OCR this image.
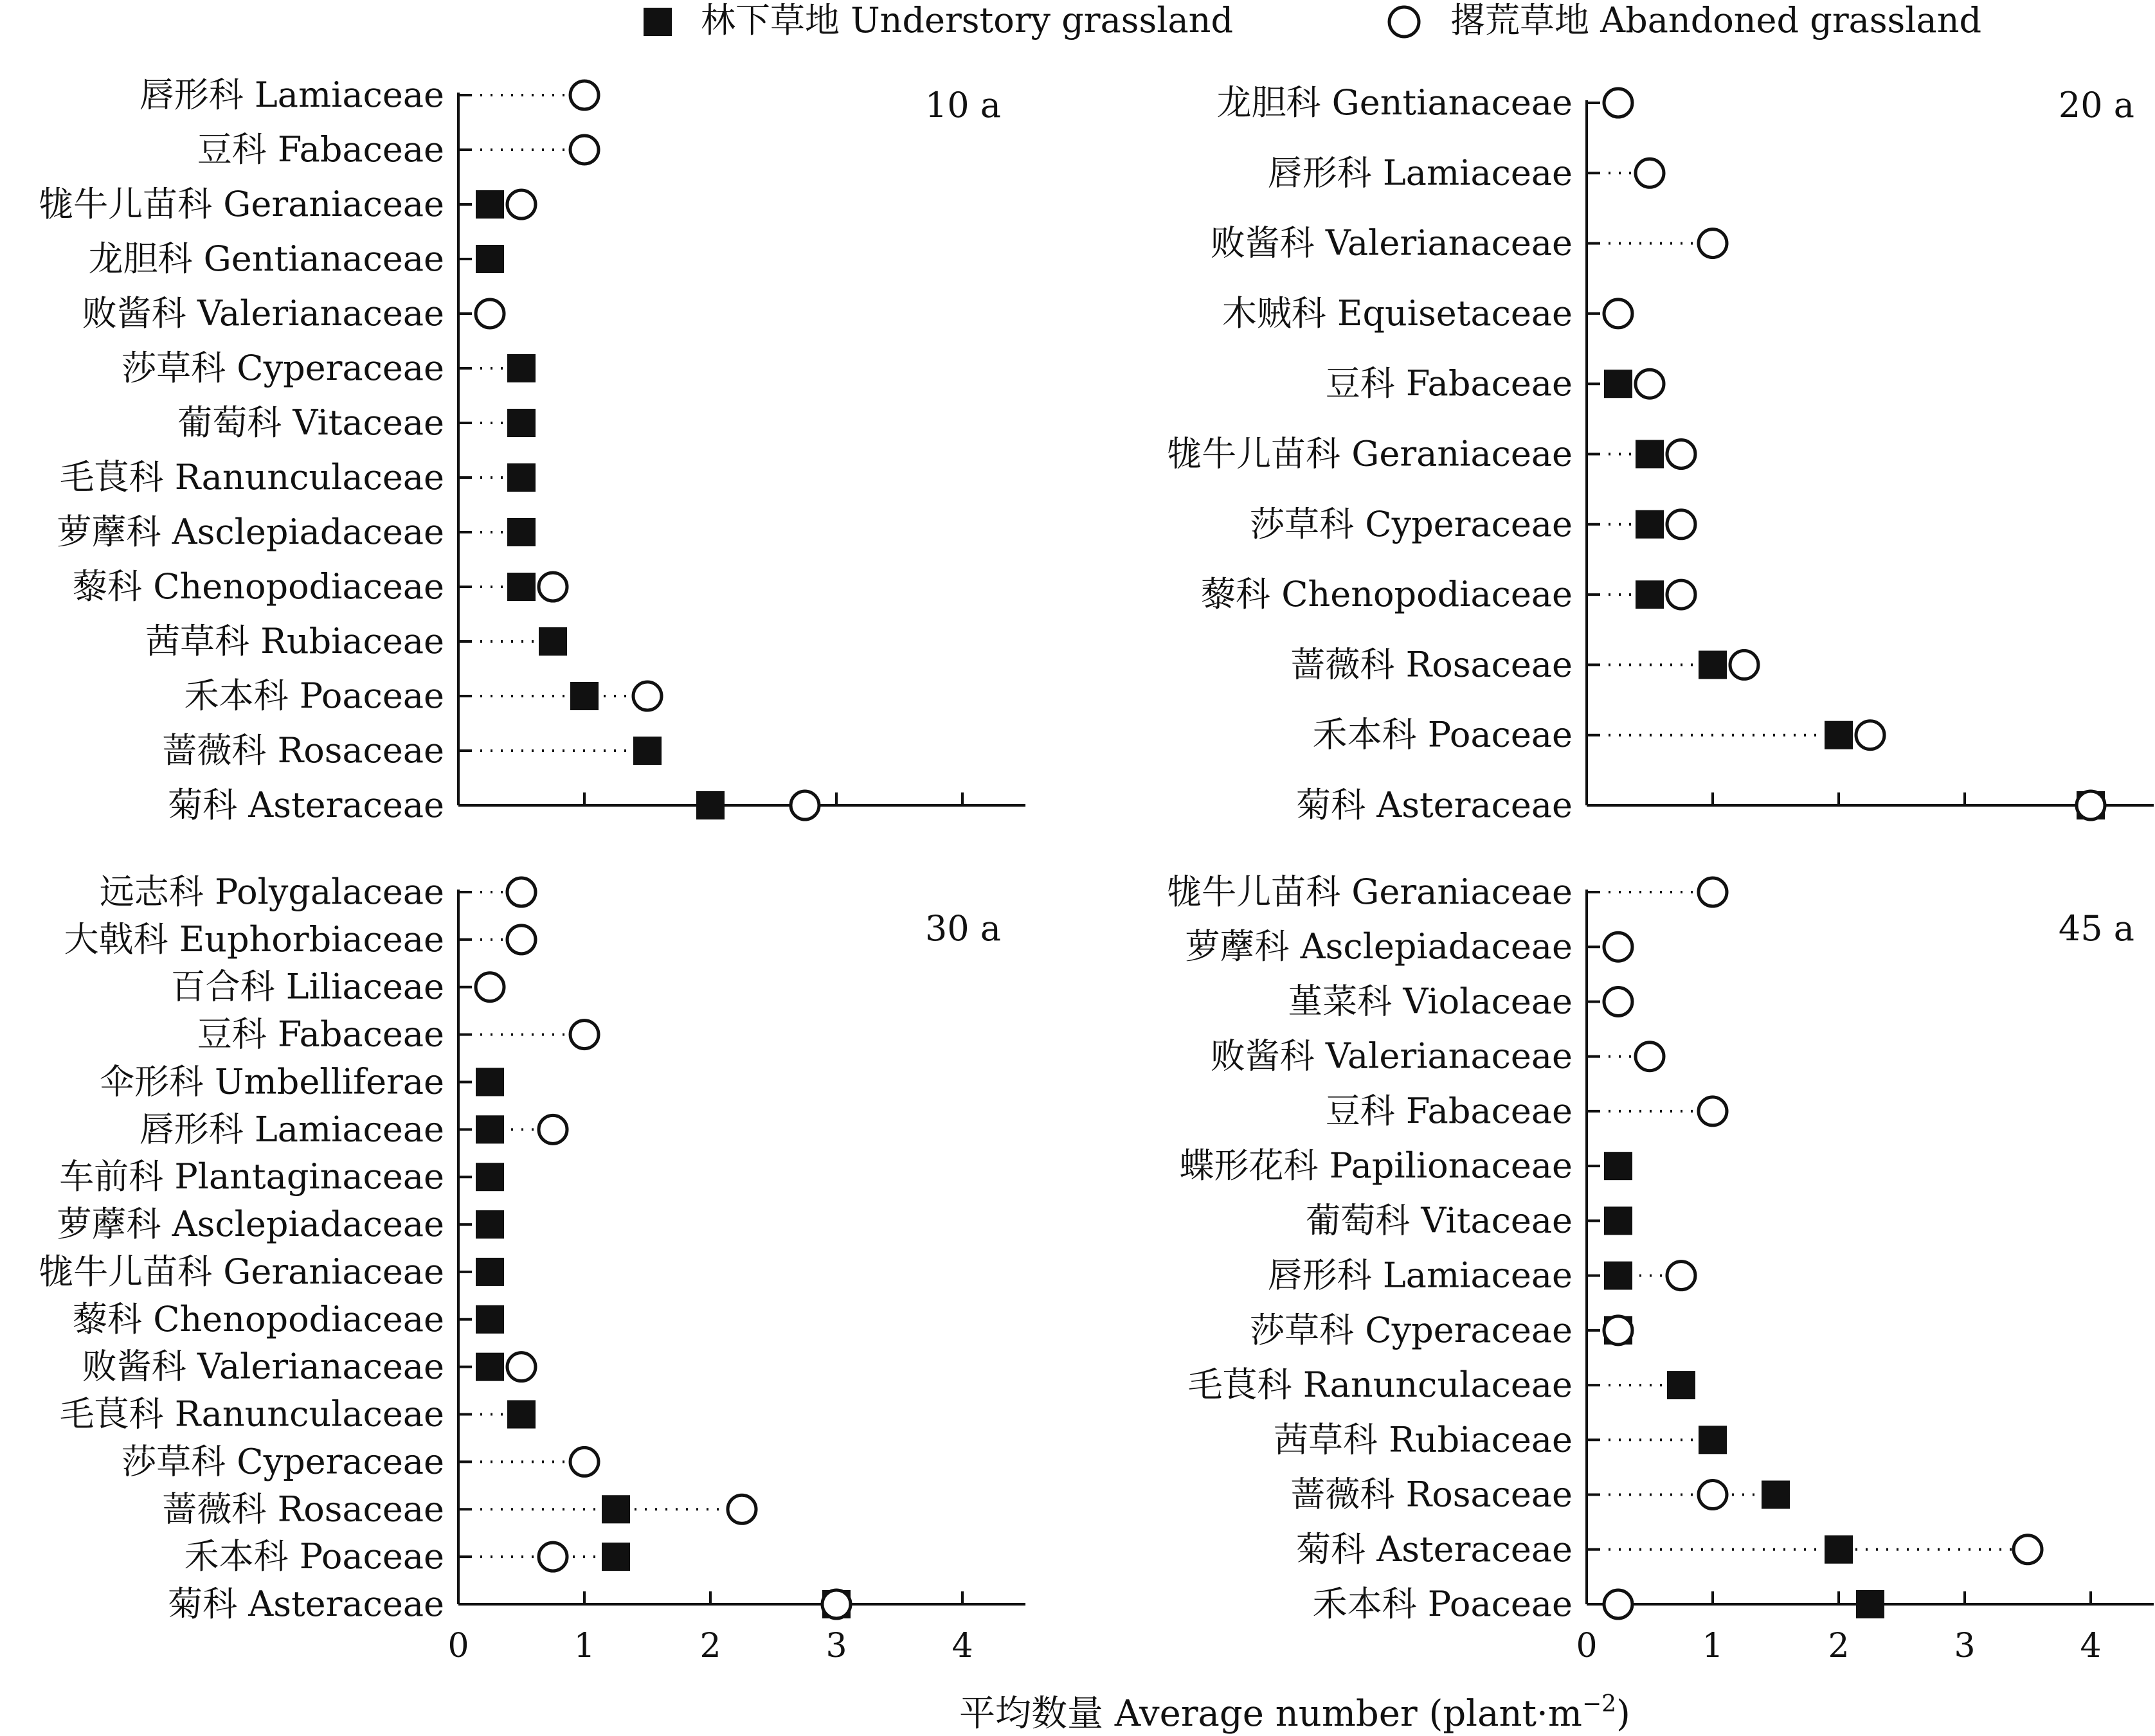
林下草地 Understory grassland	撂荒草地 Abandoned grassland
10 a
唇形科 Lamiaceae
豆科 Fabaceae
牻牛儿苗科 Geraniaceae
龙胆科 Gentianaceae
败酱科 Valerianaceae
莎草科 Cyperaceae
葡萄科 Vitaceae
毛茛科 Ranunculaceae
萝藦科 Asclepiadaceae
藜科 Chenopodiaceae
茜草科 Rubiaceae
禾本科 Poaceae
蔷薇科 Rosaceae
菊科 Asteraceae
20 a
龙胆科 Gentianaceae
唇形科 Lamiaceae
败酱科 Valerianaceae
木贼科 Equisetaceae
豆科 Fabaceae
牻牛儿苗科 Geraniaceae
莎草科 Cyperaceae
藜科 Chenopodiaceae
蔷薇科 Rosaceae
禾本科 Poaceae
菊科 Asteraceae
0	1	2	3	4
30 a
远志科 Polygalaceae
大戟科 Euphorbiaceae
百合科 Liliaceae
豆科 Fabaceae
伞形科 Umbelliferae
唇形科 Lamiaceae
车前科 Plantaginaceae
萝藦科 Asclepiadaceae
牻牛儿苗科 Geraniaceae
藜科 Chenopodiaceae
败酱科 Valerianaceae
毛茛科 Ranunculaceae
莎草科 Cyperaceae
蔷薇科 Rosaceae
禾本科 Poaceae
菊科 Asteraceae
0	1	2	3	4
45 a
牻牛儿苗科 Geraniaceae
萝藦科 Asclepiadaceae
堇菜科 Violaceae
败酱科 Valerianaceae
豆科 Fabaceae
蝶形花科 Papilionaceae
葡萄科 Vitaceae
唇形科 Lamiaceae
莎草科 Cyperaceae
毛茛科 Ranunculaceae
茜草科 Rubiaceae
蔷薇科 Rosaceae
菊科 Asteraceae
禾本科 Poaceae
平均数量 Average number $(plant\cdot m^{-2})$
